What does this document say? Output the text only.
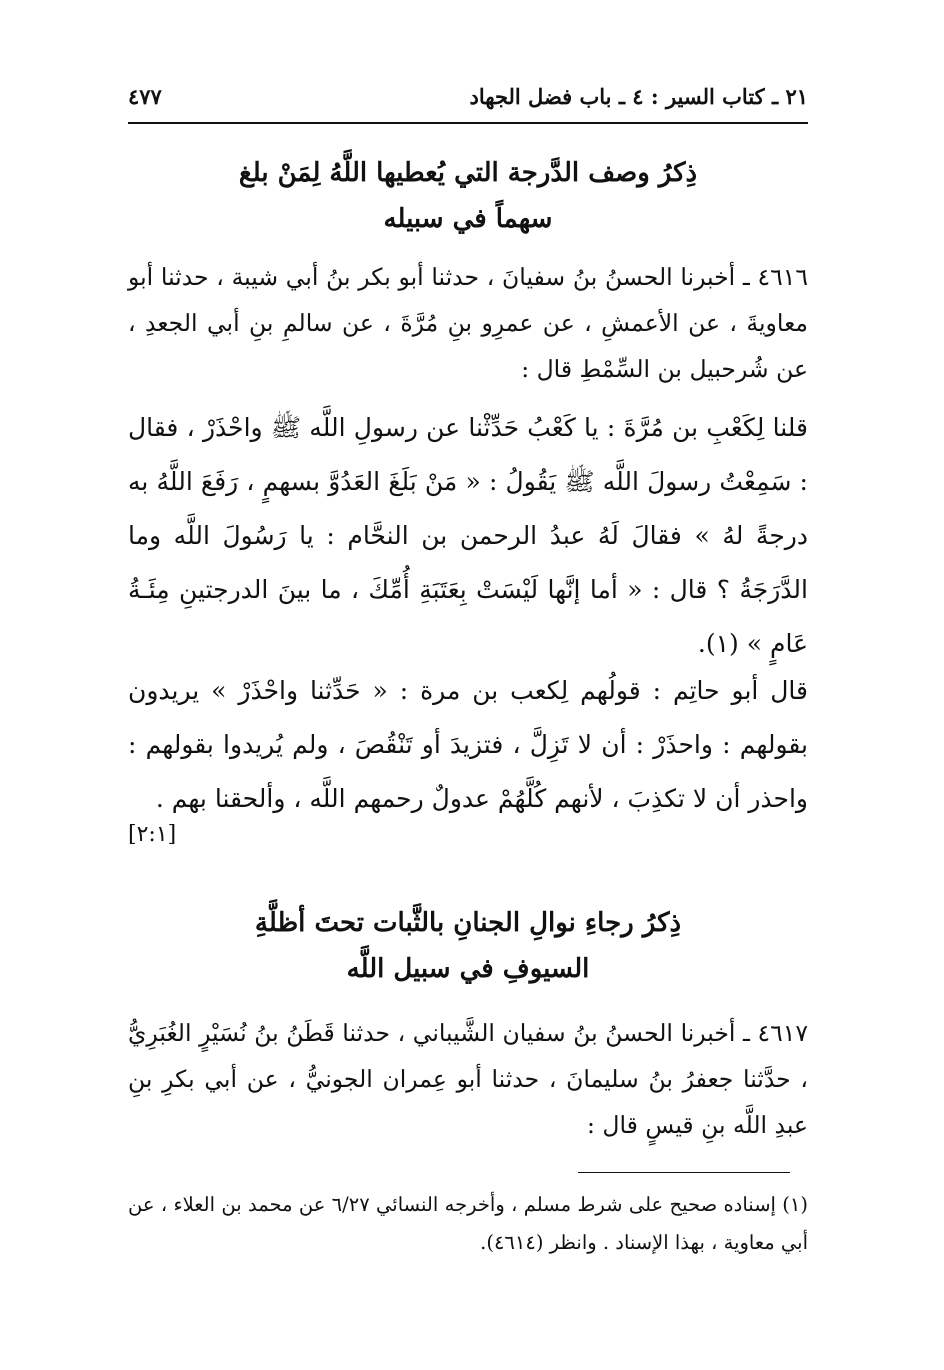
٢١ ـ كتاب السير : ٤ ـ باب فضل الجهاد
٤٧٧
ذِكرُ وصف الدَّرجة التي يُعطيها اللَّهُ لِمَنْ بلغ
سهماً في سبيله
٤٦١٦ ـ أخبرنا الحسنُ بنُ سفيانَ ، حدثنا أبو بكر بنُ أبي شيبة ، حدثنا أبو معاويةَ ، عن الأعمشِ ، عن عمرِو بنِ مُرَّةَ ، عن سالمِ بنِ أبي الجعدِ ، عن شُرحبيل بن السِّمْطِ قال :
قلنا لِكَعْبِ بن مُرَّةَ : يا كَعْبُ حَدِّثْنا عن رسولِ اللَّه ﷺ واحْذَرْ ، فقال : سَمِعْتُ رسولَ اللَّه ﷺ يَقُولُ : « مَنْ بَلَغَ العَدُوَّ بسهمٍ ، رَفَعَ اللَّهُ به درجةً لهُ » فقالَ لَهُ عبدُ الرحمن بن النحَّام : يا رَسُولَ اللَّه وما الدَّرَجَةُ ؟ قال : « أما إنَّها لَيْسَتْ بِعَتَبَةِ أُمِّكَ ، ما بينَ الدرجتينِ مِئَـةُ عَامٍ » (١).
قال أبو حاتِم : قولُهم لِكعب بن مرة : « حَدِّثنا واحْذَرْ » يريدون بقولهم : واحذَرْ : أن لا تَزِلَّ ، فتزيدَ أو تَنْقُصَ ، ولم يُريدوا بقولهم : واحذر أن لا تكذِبَ ، لأنهم كُلَّهُمْ عدولٌ رحمهم اللَّه ، وألحقنا بهم .
[٢:١]
ذِكرُ رجاءِ نوالِ الجنانِ بالثَّبات تحتَ أظلَّةِ
السيوفِ في سبيل اللَّه
٤٦١٧ ـ أخبرنا الحسنُ بنُ سفيان الشَّيباني ، حدثنا قَطَنُ بنُ نُسَيْرٍ الغُبَرِيُّ ، حدَّثنا جعفرُ بنُ سليمانَ ، حدثنا أبو عِمران الجونيُّ ، عن أبي بكرِ بنِ عبدِ اللَّه بنِ قيسٍ قال :
(١) إسناده صحيح على شرط مسلم ، وأخرجه النسائي ٦/٢٧ عن محمد بن العلاء ، عن أبي معاوية ، بهذا الإسناد . وانظر (٤٦١٤).
